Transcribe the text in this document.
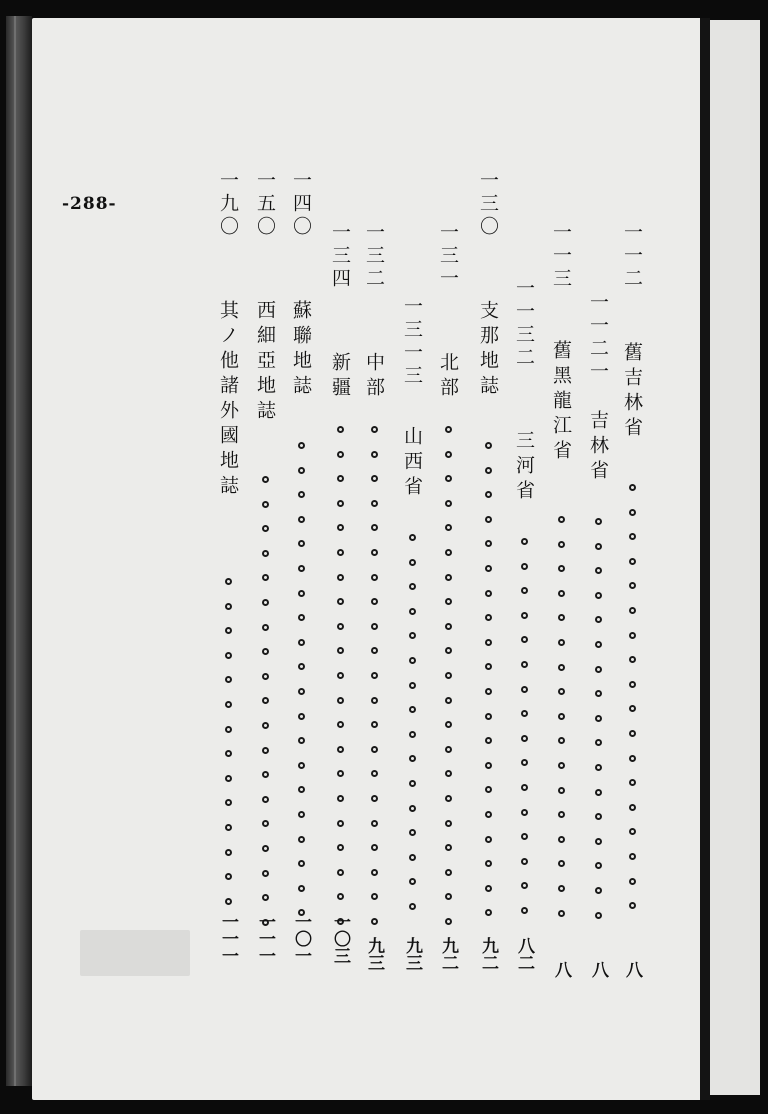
-288-
一一二
舊吉林省
八
一一二一
吉林省
八
一一三
舊黑龍江省
八
一一三二
三河省
八二
一三〇
支那地誌
九二
一三一
北部
九二
一三一三
山西省
九三
一三二
中部
九三
一三四
新疆
一〇三
一四〇
蘇聯地誌
一〇一
一五〇
西細亞地誌
一一一
一九〇
其ノ他諸外國地誌
一一一
